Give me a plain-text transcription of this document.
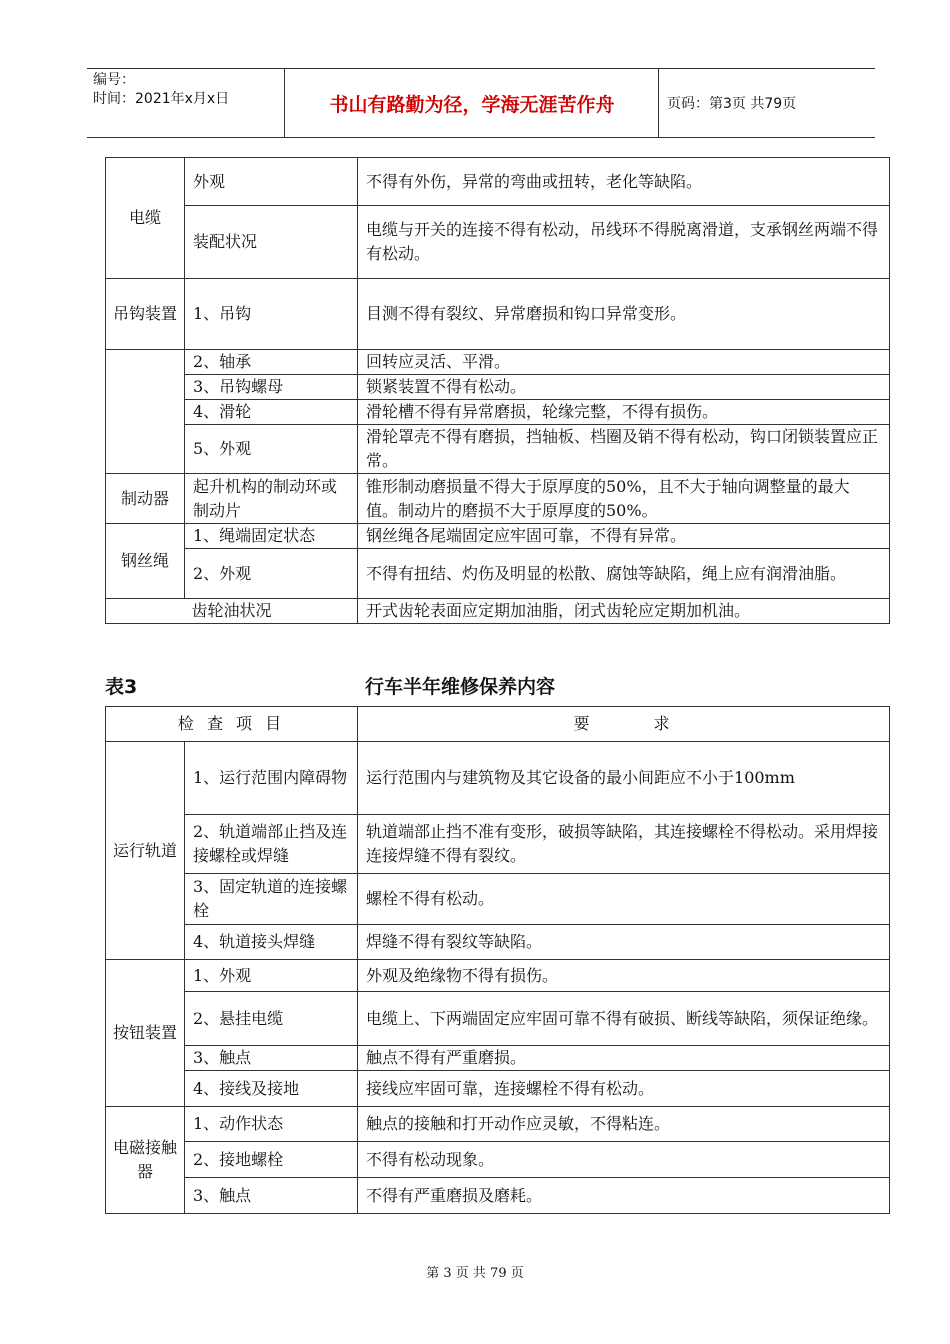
编号：
时间：2021年x月x日	书山有路勤为径，学海无涯苦作舟	页码：第3页 共79页
电缆	外观	不得有外伤，异常的弯曲或扭转，老化等缺陷。
	装配状况	电缆与开关的连接不得有松动，吊线环不得脱离滑道，支承钢丝两端不得有松动。
吊钩装置	1、吊钩	目测不得有裂纹、异常磨损和钩口异常变形。
	2、轴承	回转应灵活、平滑。
	3、吊钩螺母	锁紧装置不得有松动。
	4、滑轮	滑轮槽不得有异常磨损，轮缘完整，不得有损伤。
	5、外观	滑轮罩壳不得有磨损，挡轴板、档圈及销不得有松动，钩口闭锁装置应正常。
制动器	起升机构的制动环或制动片	锥形制动磨损量不得大于原厚度的50%，且不大于轴向调整量的最大值。制动片的磨损不大于原厚度的50%。
钢丝绳	1、绳端固定状态	钢丝绳各尾端固定应牢固可靠，不得有异常。
	2、外观	不得有扭结、灼伤及明显的松散、腐蚀等缺陷，绳上应有润滑油脂。
齿轮油状况		开式齿轮表面应定期加油脂，闭式齿轮应定期加机油。
表3	行车半年维修保养内容
检 查 项 目		要　　　求
运行轨道	1、运行范围内障碍物	运行范围内与建筑物及其它设备的最小间距应不小于100mm
	2、轨道端部止挡及连接螺栓或焊缝	轨道端部止挡不准有变形，破损等缺陷，其连接螺栓不得松动。采用焊接连接焊缝不得有裂纹。
	3、固定轨道的连接螺栓	螺栓不得有松动。
	4、轨道接头焊缝	焊缝不得有裂纹等缺陷。
按钮装置	1、外观	外观及绝缘物不得有损伤。
	2、悬挂电缆	电缆上、下两端固定应牢固可靠不得有破损、断线等缺陷，须保证绝缘。
	3、触点	触点不得有严重磨损。
	4、接线及接地	接线应牢固可靠，连接螺栓不得有松动。
电磁接触器	1、动作状态	触点的接触和打开动作应灵敏，不得粘连。
	2、接地螺栓	不得有松动现象。
	3、触点	不得有严重磨损及磨耗。
第 3 页 共 79 页
